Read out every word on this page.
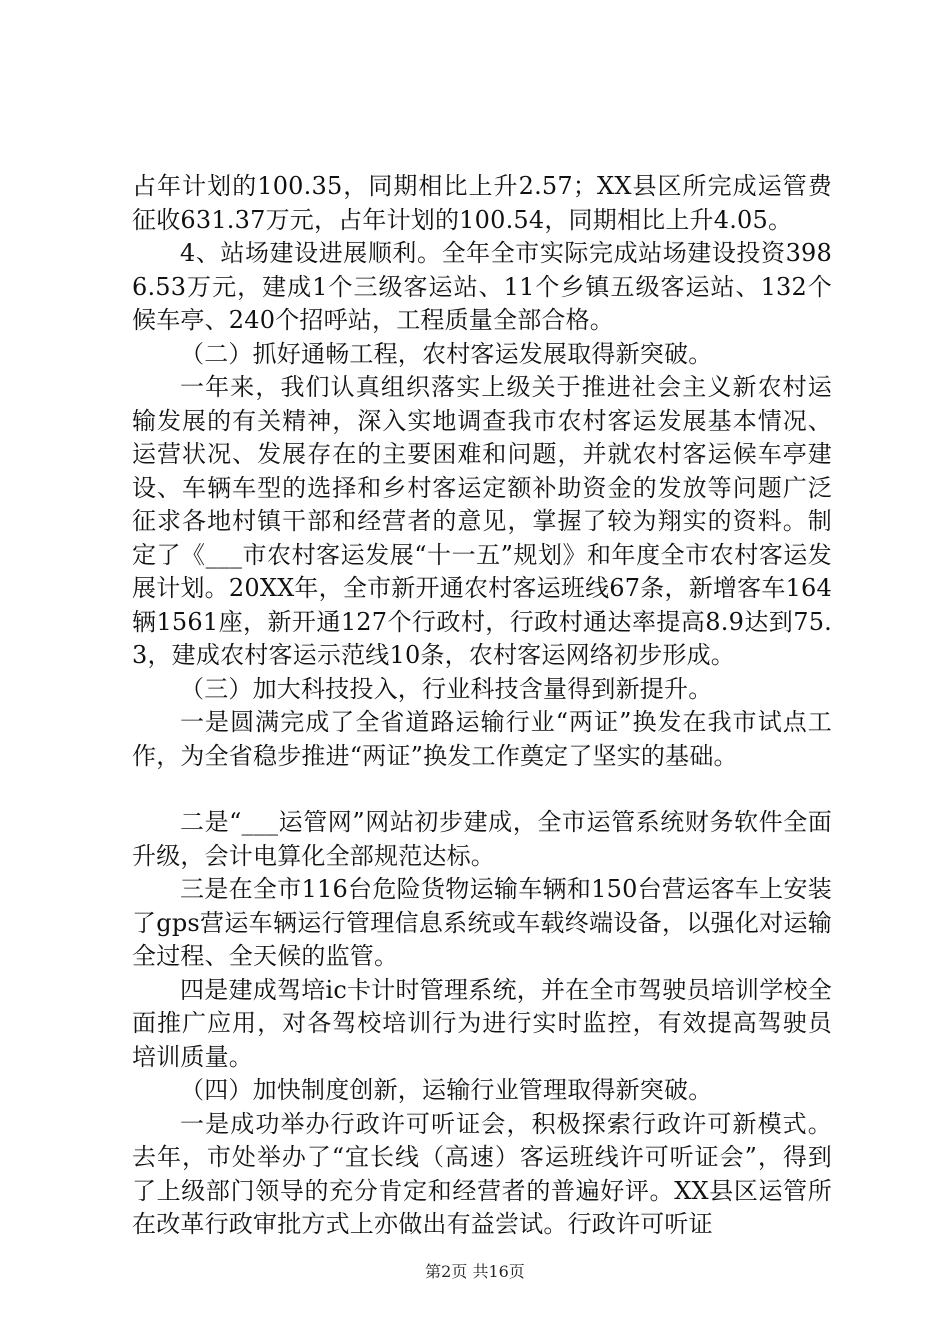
占年计划的100.35，同期相比上升2.57；XX县区所完成运管费征收631.37万元，占年计划的100.54，同期相比上升4.05。

4、站场建设进展顺利。全年全市实际完成站场建设投资3986.53万元，建成1个三级客运站、11个乡镇五级客运站、132个候车亭、240个招呼站，工程质量全部合格。

（二）抓好通畅工程，农村客运发展取得新突破。

一年来，我们认真组织落实上级关于推进社会主义新农村运输发展的有关精神，深入实地调查我市农村客运发展基本情况、运营状况、发展存在的主要困难和问题，并就农村客运候车亭建设、车辆车型的选择和乡村客运定额补助资金的发放等问题广泛征求各地村镇干部和经营者的意见，掌握了较为翔实的资料。制定了《___市农村客运发展“十一五”规划》和年度全市农村客运发展计划。20XX年，全市新开通农村客运班线67条，新增客车164辆1561座，新开通127个行政村，行政村通达率提高8.9达到75.3，建成农村客运示范线10条，农村客运网络初步形成。

（三）加大科技投入，行业科技含量得到新提升。

一是圆满完成了全省道路运输行业“两证”换发在我市试点工作，为全省稳步推进“两证”换发工作奠定了坚实的基础。

二是“___运管网”网站初步建成，全市运管系统财务软件全面升级，会计电算化全部规范达标。

三是在全市116台危险货物运输车辆和150台营运客车上安装了gps营运车辆运行管理信息系统或车载终端设备，以强化对运输全过程、全天候的监管。

四是建成驾培ic卡计时管理系统，并在全市驾驶员培训学校全面推广应用，对各驾校培训行为进行实时监控，有效提高驾驶员培训质量。

（四）加快制度创新，运输行业管理取得新突破。

一是成功举办行政许可听证会，积极探索行政许可新模式。去年，市处举办了“宜长线（高速）客运班线许可听证会”，得到了上级部门领导的充分肯定和经营者的普遍好评。XX县区运管所在改革行政审批方式上亦做出有益尝试。行政许可听证

第2页 共16页
